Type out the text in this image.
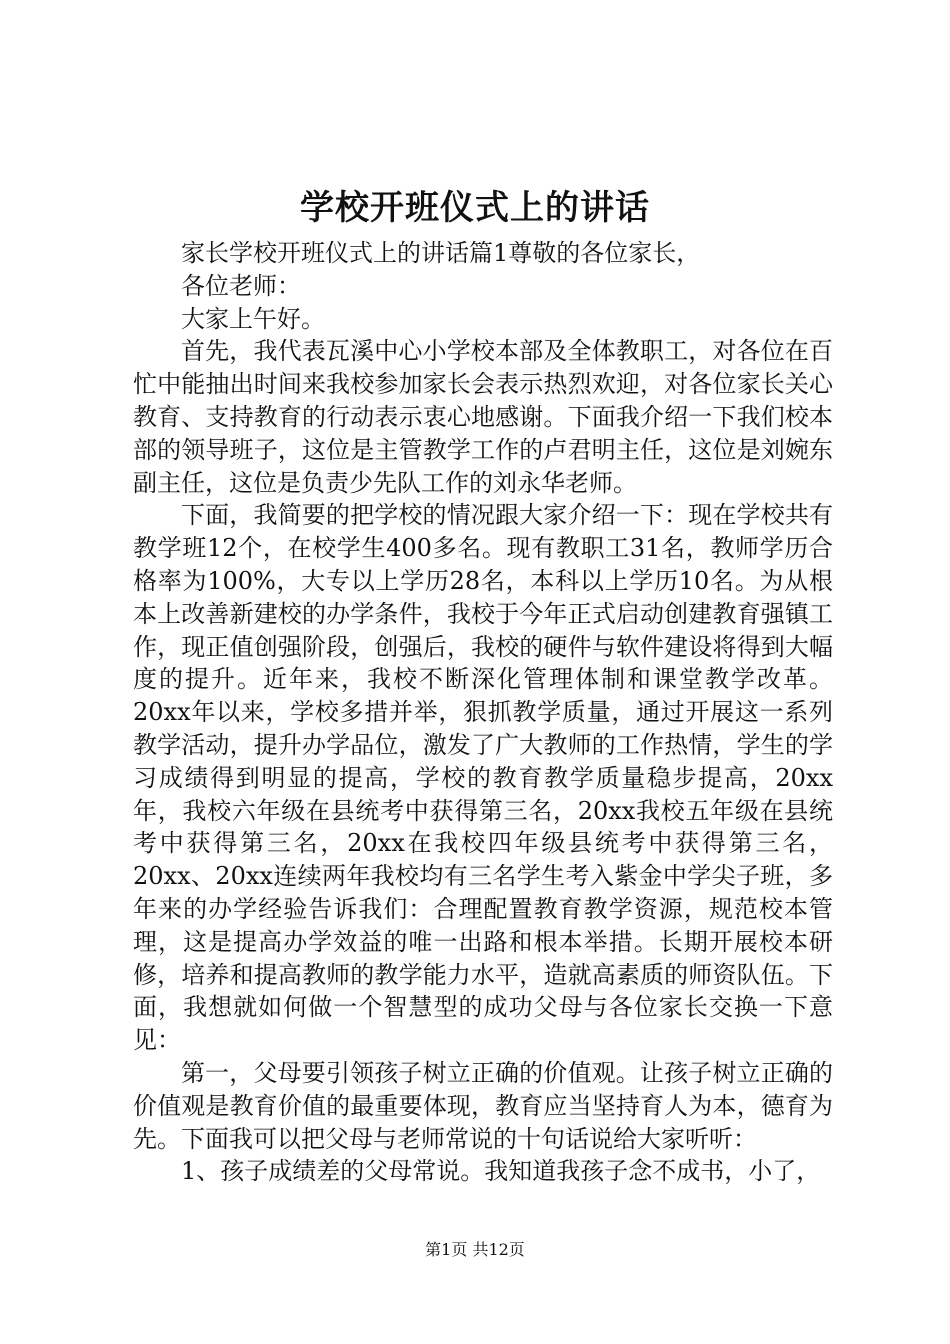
学校开班仪式上的讲话

家长学校开班仪式上的讲话篇1尊敬的各位家长，

各位老师：

大家上午好。

首先，我代表瓦溪中心小学校本部及全体教职工，对各位在百忙中能抽出时间来我校参加家长会表示热烈欢迎，对各位家长关心教育、支持教育的行动表示衷心地感谢。下面我介绍一下我们校本部的领导班子，这位是主管教学工作的卢君明主任，这位是刘婉东副主任，这位是负责少先队工作的刘永华老师。

下面，我简要的把学校的情况跟大家介绍一下：现在学校共有教学班12个，在校学生400多名。现有教职工31名，教师学历合格率为100%，大专以上学历28名，本科以上学历10名。为从根本上改善新建校的办学条件，我校于今年正式启动创建教育强镇工作，现正值创强阶段，创强后，我校的硬件与软件建设将得到大幅度的提升。近年来，我校不断深化管理体制和课堂教学改革。20xx年以来，学校多措并举，狠抓教学质量，通过开展这一系列教学活动，提升办学品位，激发了广大教师的工作热情，学生的学习成绩得到明显的提高，学校的教育教学质量稳步提高，20xx年，我校六年级在县统考中获得第三名，20xx我校五年级在县统考中获得第三名，20xx在我校四年级县统考中获得第三名，20xx、20xx连续两年我校均有三名学生考入紫金中学尖子班，多年来的办学经验告诉我们：合理配置教育教学资源，规范校本管理，这是提高办学效益的唯一出路和根本举措。长期开展校本研修，培养和提高教师的教学能力水平，造就高素质的师资队伍。下面，我想就如何做一个智慧型的成功父母与各位家长交换一下意见：

第一，父母要引领孩子树立正确的价值观。让孩子树立正确的价值观是教育价值的最重要体现，教育应当坚持育人为本，德育为先。下面我可以把父母与老师常说的十句话说给大家听听：

1、孩子成绩差的父母常说。我知道我孩子念不成书，小了，

第1页 共12页
